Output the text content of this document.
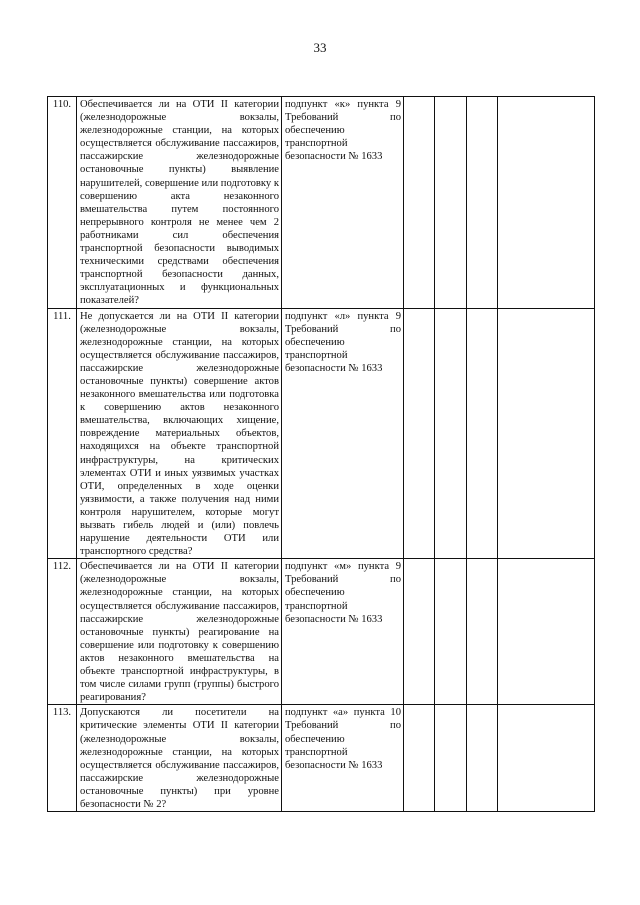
33
110.	Обеспечивается ли на ОТИ II категории (железнодорожные вокзалы, железнодорожные станции, на которых осуществляется обслуживание пассажиров, пассажирские железнодорожные остановочные пункты) выявление нарушителей, совершение или подготовку к совершению акта незаконного вмешательства путем постоянного непрерывного контроля не менее чем 2 работниками сил обеспечения транспортной безопасности выводимых техническими средствами обеспечения транспортной безопасности данных, эксплуатационных и функциональных показателей?	подпункт «к» пункта 9 Требований по обеспечению транспортной безопасности № 1633				

111.	Не допускается ли на ОТИ II категории (железнодорожные вокзалы, железнодорожные станции, на которых осуществляется обслуживание пассажиров, пассажирские железнодорожные остановочные пункты) совершение актов незаконного вмешательства или подготовка к совершению актов незаконного вмешательства, включающих хищение, повреждение материальных объектов, находящихся на объекте транспортной инфраструктуры, на критических элементах ОТИ и иных уязвимых участках ОТИ, определенных в ходе оценки уязвимости, а также получения над ними контроля нарушителем, которые могут вызвать гибель людей и (или) повлечь нарушение деятельности ОТИ или транспортного средства?	подпункт «л» пункта 9 Требований по обеспечению транспортной безопасности № 1633				

112.	Обеспечивается ли на ОТИ II категории (железнодорожные вокзалы, железнодорожные станции, на которых осуществляется обслуживание пассажиров, пассажирские железнодорожные остановочные пункты) реагирование на совершение или подготовку к совершению актов незаконного вмешательства на объекте транспортной инфраструктуры, в том числе силами групп (группы) быстрого реагирования?	подпункт «м» пункта 9 Требований по обеспечению транспортной безопасности № 1633				

113.	Допускаются ли посетители на критические элементы ОТИ II категории (железнодорожные вокзалы, железнодорожные станции, на которых осуществляется обслуживание пассажиров, пассажирские железнодорожные остановочные пункты) при уровне безопасности № 2?	подпункт «а» пункта 10 Требований по обеспечению транспортной безопасности № 1633				
